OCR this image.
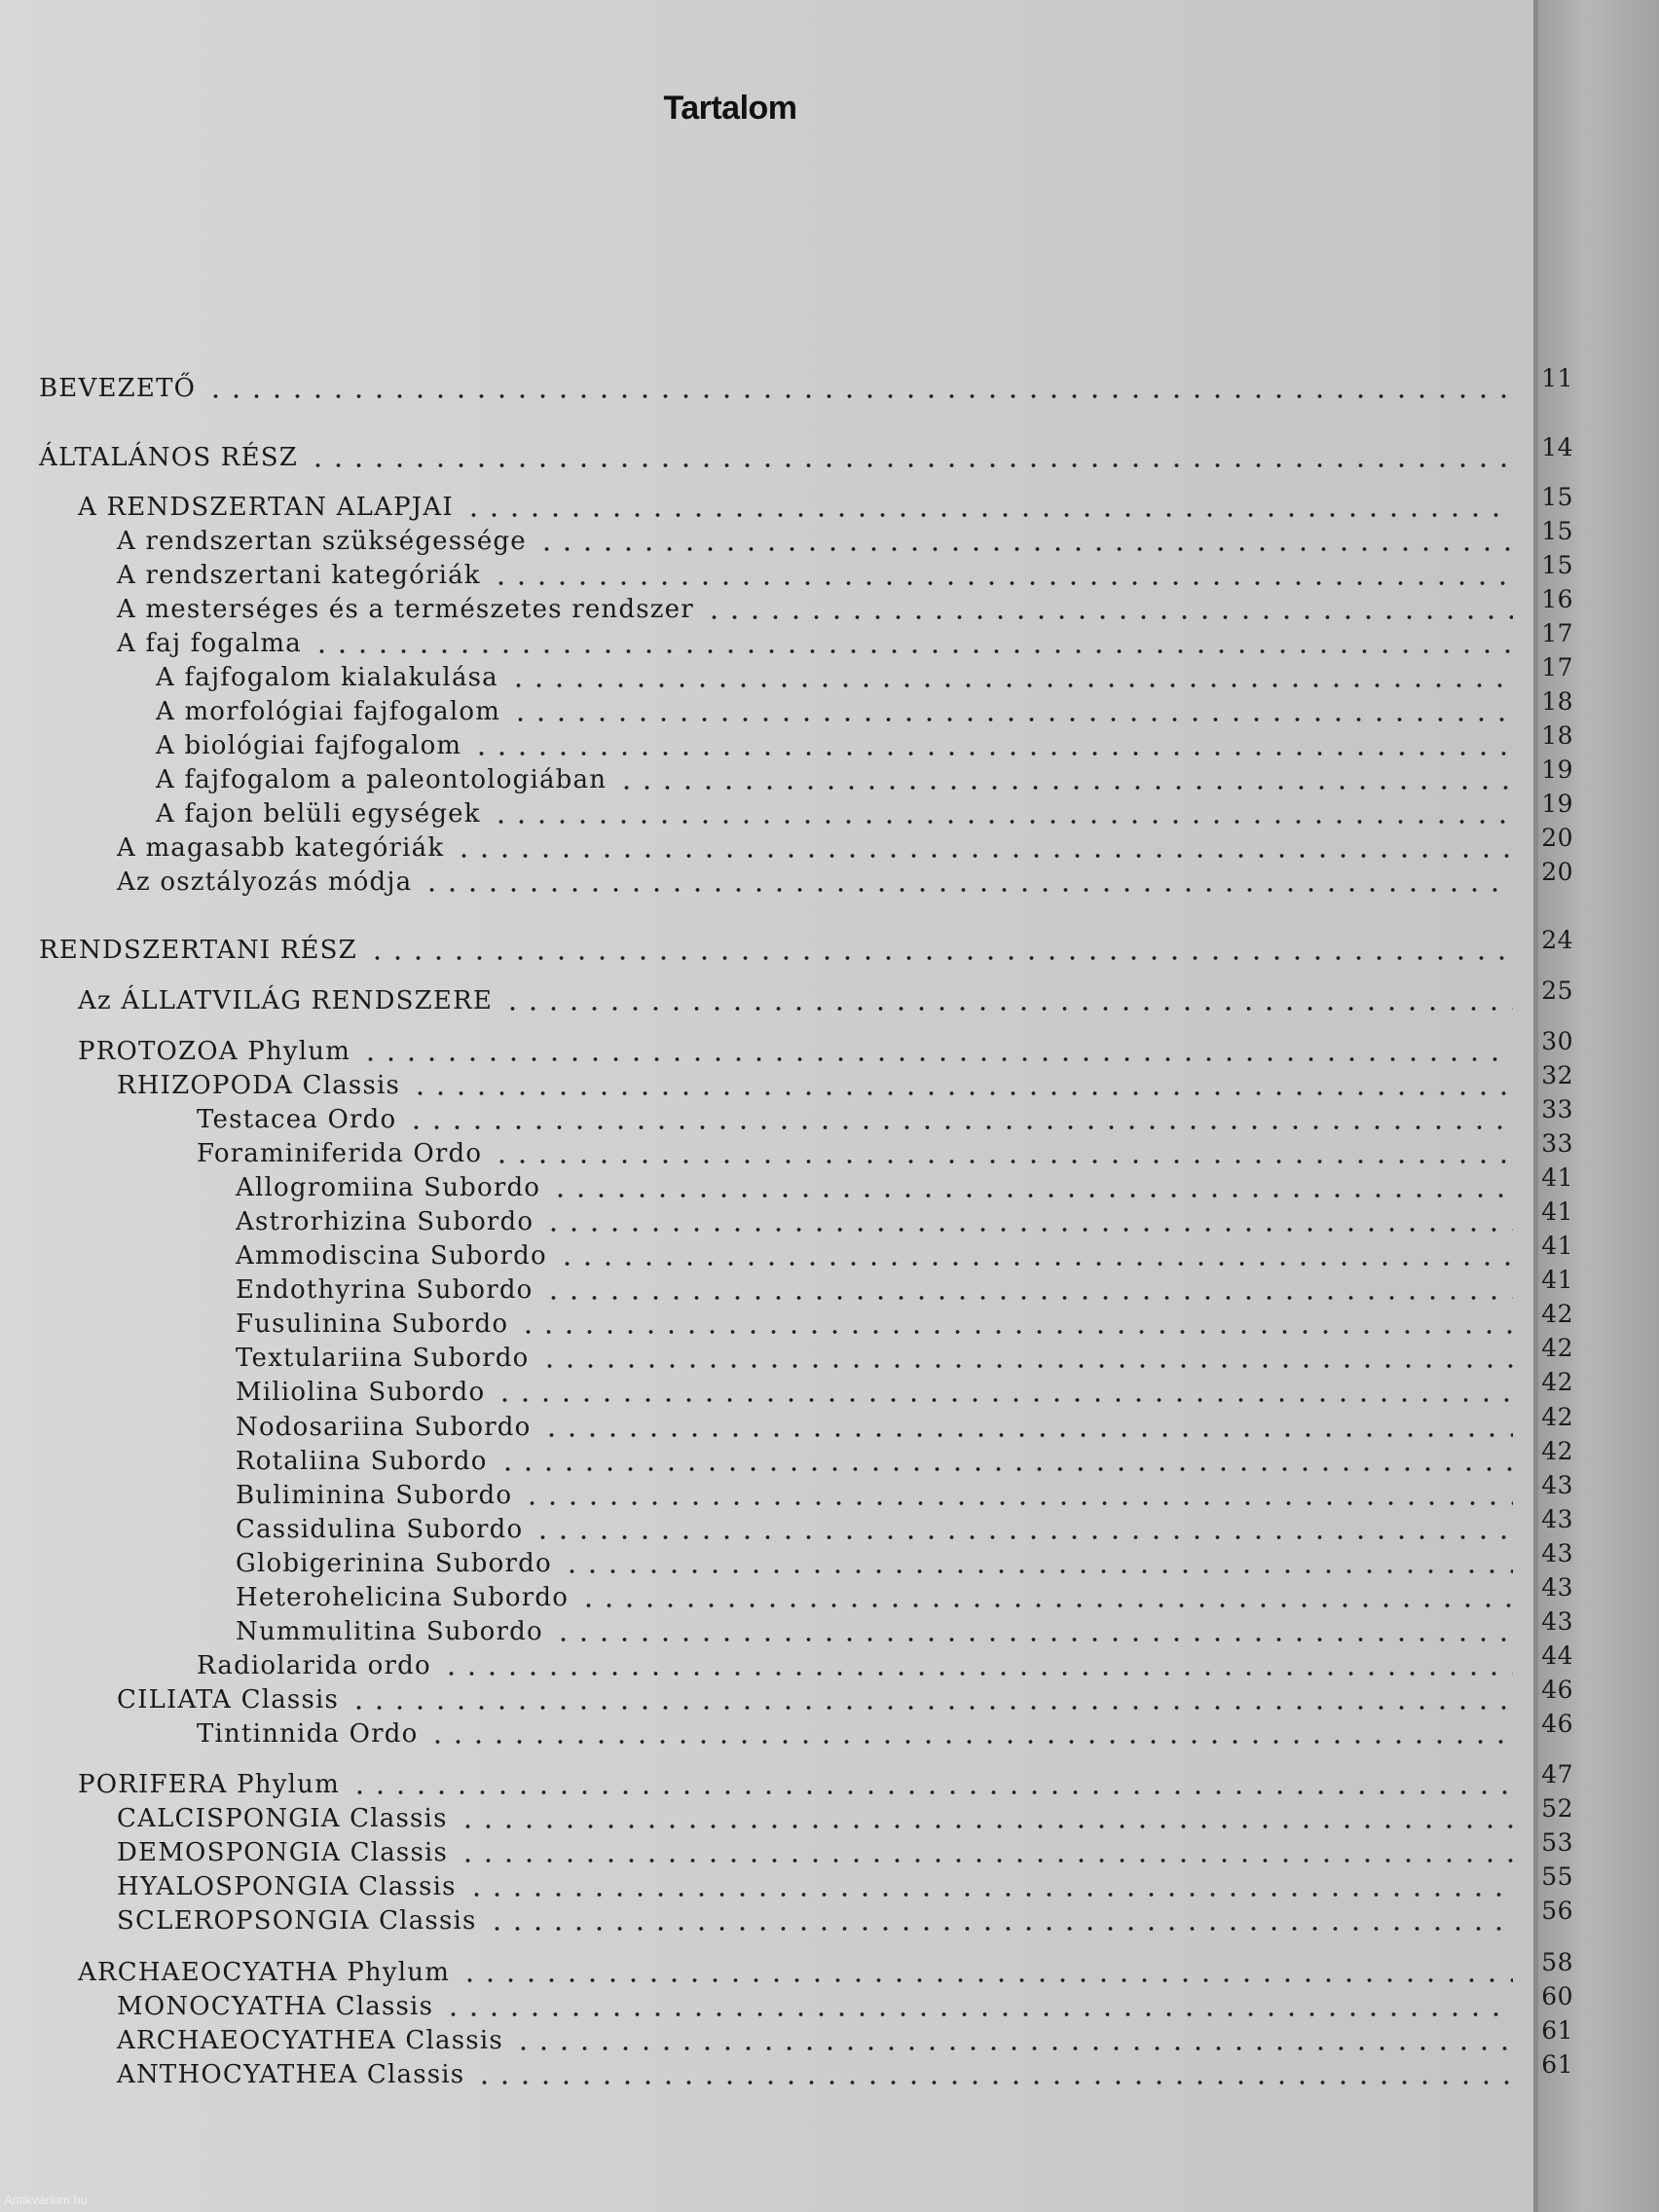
Tartalom
BEVEZETŐ	11
ÁLTALÁNOS RÉSZ	14
A RENDSZERTAN ALAPJAI	15
A rendszertan szükségessége	15
A rendszertani kategóriák	15
A mesterséges és a természetes rendszer	16
A faj fogalma	17
A fajfogalom kialakulása	17
A morfológiai fajfogalom	18
A biológiai fajfogalom	18
A fajfogalom a paleontologiában	19
A fajon belüli egységek	19
A magasabb kategóriák	20
Az osztályozás módja	20
RENDSZERTANI RÉSZ	24
Az ÁLLATVILÁG RENDSZERE	25
PROTOZOA Phylum	30
RHIZOPODA Classis	32
Testacea Ordo	33
Foraminiferida Ordo	33
Allogromiina Subordo	41
Astrorhizina Subordo	41
Ammodiscina Subordo	41
Endothyrina Subordo	41
Fusulinina Subordo	42
Textulariina Subordo	42
Miliolina Subordo	42
Nodosariina Subordo	42
Rotaliina Subordo	42
Buliminina Subordo	43
Cassidulina Subordo	43
Globigerinina Subordo	43
Heterohelicina Subordo	43
Nummulitina Subordo	43
Radiolarida ordo	44
CILIATA Classis	46
Tintinnida Ordo	46
PORIFERA Phylum	47
CALCISPONGIA Classis	52
DEMOSPONGIA Classis	53
HYALOSPONGIA Classis	55
SCLEROPSONGIA Classis	56
ARCHAEOCYATHA Phylum	58
MONOCYATHA Classis	60
ARCHAEOCYATHEA Classis	61
ANTHOCYATHEA Classis	61
Antikvárium.hu
